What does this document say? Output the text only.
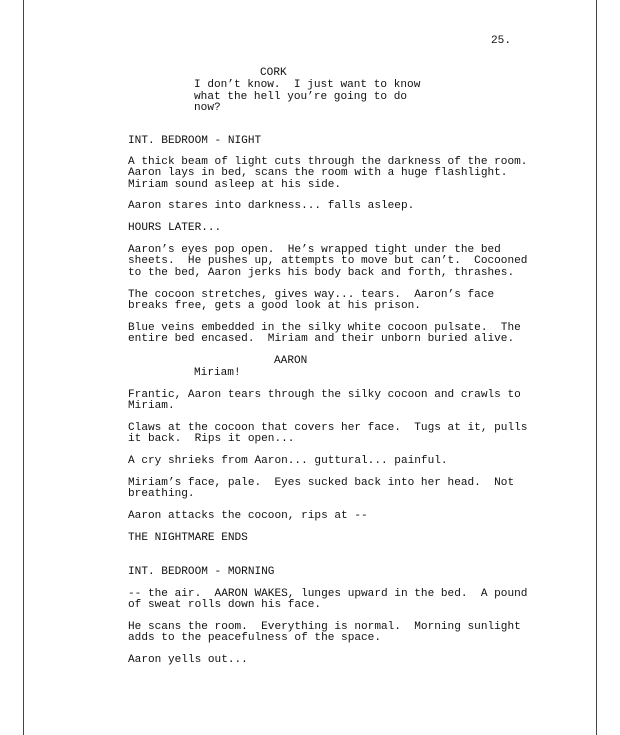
25.

CORK

I don’t know.  I just want to know

what the hell you’re going to do

now?

INT. BEDROOM - NIGHT

A thick beam of light cuts through the darkness of the room.

Aaron lays in bed, scans the room with a huge flashlight.

Miriam sound asleep at his side.

Aaron stares into darkness... falls asleep.

HOURS LATER...

Aaron’s eyes pop open.  He’s wrapped tight under the bed

sheets.  He pushes up, attempts to move but can’t.  Cocooned

to the bed, Aaron jerks his body back and forth, thrashes.

The cocoon stretches, gives way... tears.  Aaron’s face

breaks free, gets a good look at his prison.

Blue veins embedded in the silky white cocoon pulsate.  The

entire bed encased.  Miriam and their unborn buried alive.

AARON

Miriam!

Frantic, Aaron tears through the silky cocoon and crawls to

Miriam.

Claws at the cocoon that covers her face.  Tugs at it, pulls

it back.  Rips it open...

A cry shrieks from Aaron... guttural... painful.

Miriam’s face, pale.  Eyes sucked back into her head.  Not

breathing.

Aaron attacks the cocoon, rips at --

THE NIGHTMARE ENDS

INT. BEDROOM - MORNING

-- the air.  AARON WAKES, lunges upward in the bed.  A pound

of sweat rolls down his face.

He scans the room.  Everything is normal.  Morning sunlight

adds to the peacefulness of the space.

Aaron yells out...
